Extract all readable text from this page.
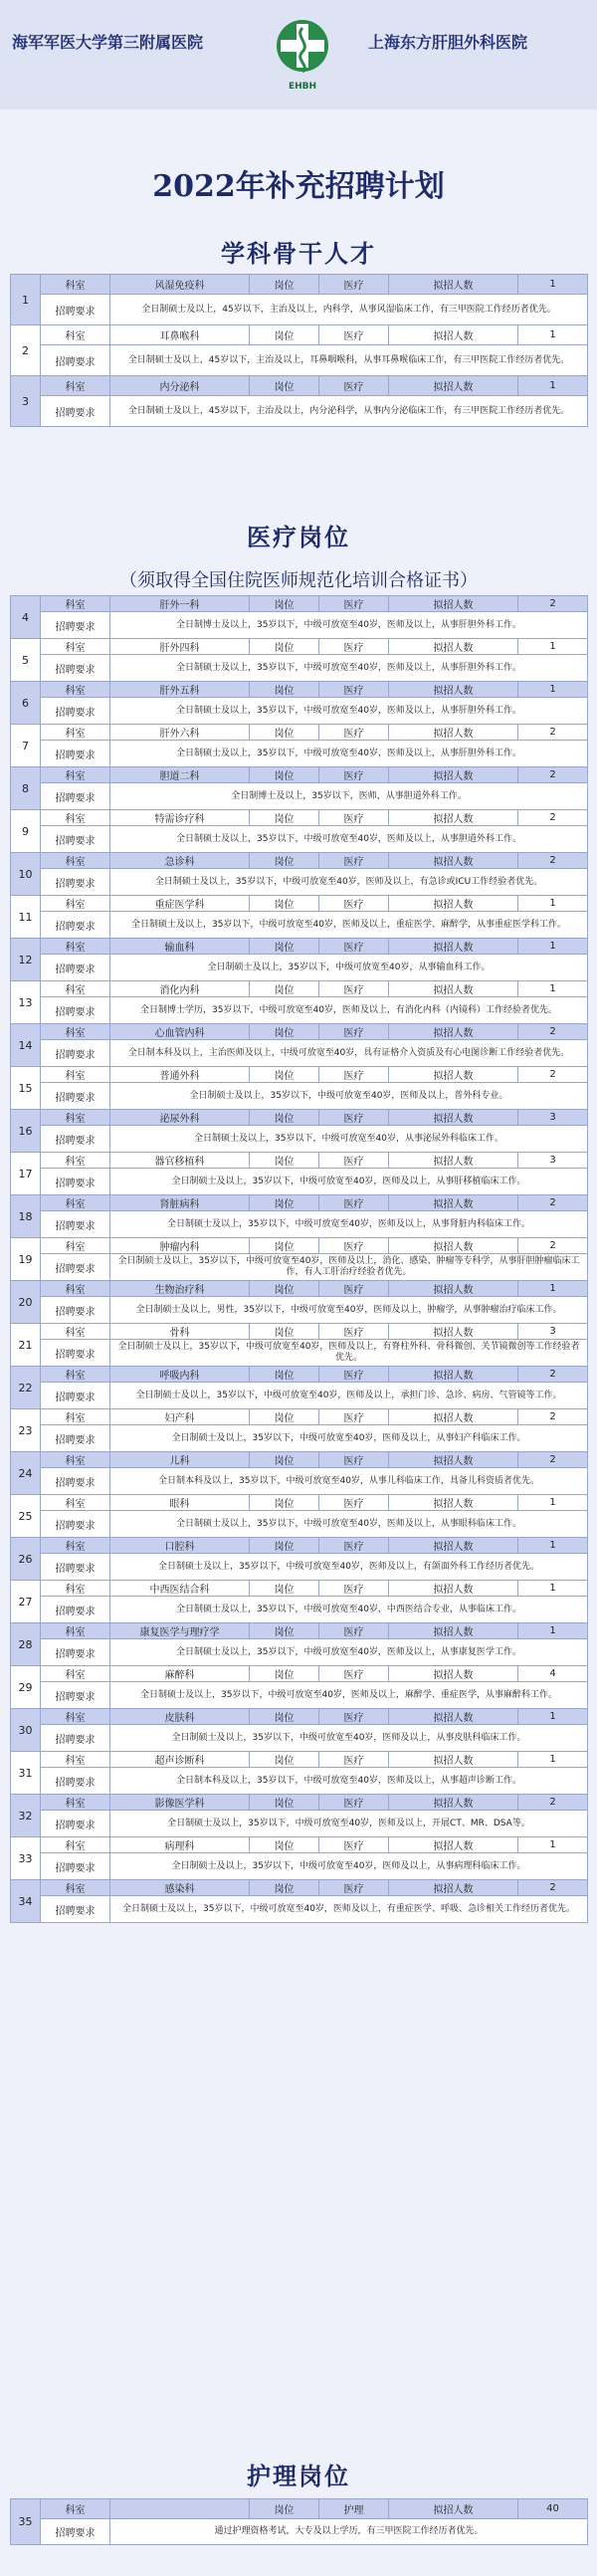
海军军医大学第三附属医院
EHBH
上海东方肝胆外科医院
2022年补充招聘计划
学科骨干人才
1	科室	风湿免疫科	岗位	医疗	拟招人数	1
	招聘要求	全日制硕士及以上，45岁以下，主治及以上，内科学，从事风湿临床工作，有三甲医院工作经历者优先。				
2	科室	耳鼻喉科	岗位	医疗	拟招人数	1
	招聘要求	全日制硕士及以上，45岁以下，主治及以上，耳鼻咽喉科，从事耳鼻喉临床工作，有三甲医院工作经历者优先。				
3	科室	内分泌科	岗位	医疗	拟招人数	1
	招聘要求	全日制硕士及以上，45岁以下，主治及以上，内分泌科学，从事内分泌临床工作，有三甲医院工作经历者优先。				
医疗岗位
（须取得全国住院医师规范化培训合格证书）
4	科室	肝外一科	岗位	医疗	拟招人数	2
	招聘要求	全日制博士及以上，35岁以下，中级可放宽至40岁，医师及以上，从事肝胆外科工作。				
5	科室	肝外四科	岗位	医疗	拟招人数	1
	招聘要求	全日制硕士及以上，35岁以下，中级可放宽至40岁，医师及以上，从事肝胆外科工作。				
6	科室	肝外五科	岗位	医疗	拟招人数	1
	招聘要求	全日制硕士及以上，35岁以下，中级可放宽至40岁，医师及以上，从事肝胆外科工作。				
7	科室	肝外六科	岗位	医疗	拟招人数	2
	招聘要求	全日制硕士及以上，35岁以下，中级可放宽至40岁，医师及以上，从事肝胆外科工作。				
8	科室	胆道二科	岗位	医疗	拟招人数	2
	招聘要求	全日制博士及以上，35岁以下，医师，从事胆道外科工作。				
9	科室	特需诊疗科	岗位	医疗	拟招人数	2
	招聘要求	全日制硕士及以上，35岁以下，中级可放宽至40岁，医师及以上，从事胆道外科工作。				
10	科室	急诊科	岗位	医疗	拟招人数	2
	招聘要求	全日制硕士及以上，35岁以下，中级可放宽至40岁，医师及以上，有急诊或ICU工作经验者优先。				
11	科室	重症医学科	岗位	医疗	拟招人数	1
	招聘要求	全日制硕士及以上，35岁以下，中级可放宽至40岁，医师及以上，重症医学、麻醉学，从事重症医学科工作。				
12	科室	输血科	岗位	医疗	拟招人数	1
	招聘要求	全日制硕士及以上，35岁以下，中级可放宽至40岁，从事输血科工作。				
13	科室	消化内科	岗位	医疗	拟招人数	1
	招聘要求	全日制博士学历，35岁以下，中级可放宽至40岁，医师及以上，有消化内科（内镜科）工作经验者优先。				
14	科室	心血管内科	岗位	医疗	拟招人数	2
	招聘要求	全日制本科及以上，主治医师及以上，中级可放宽至40岁，具有证格介入资质及有心电图诊断工作经验者优先。				
15	科室	普通外科	岗位	医疗	拟招人数	2
	招聘要求	全日制硕士及以上，35岁以下，中级可放宽至40岁，医师及以上，普外科专业。				
16	科室	泌尿外科	岗位	医疗	拟招人数	3
	招聘要求	全日制硕士及以上，35岁以下，中级可放宽至40岁，从事泌尿外科临床工作。				
17	科室	器官移植科	岗位	医疗	拟招人数	3
	招聘要求	全日制硕士及以上，35岁以下，中级可放宽至40岁，医师及以上，从事肝移植临床工作。				
18	科室	肾脏病科	岗位	医疗	拟招人数	2
	招聘要求	全日制硕士及以上，35岁以下，中级可放宽至40岁，医师及以上，从事肾脏内科临床工作。				
19	科室	肿瘤内科	岗位	医疗	拟招人数	2
	招聘要求	全日制硕士及以上，35岁以下，中级可放宽至40岁，医师及以上，消化、感染、肿瘤等专科学，从事肝胆肿瘤临床工作，有人工肝治疗经验者优先。				
20	科室	生物治疗科	岗位	医疗	拟招人数	1
	招聘要求	全日制硕士及以上，男性，35岁以下，中级可放宽至40岁，医师及以上，肿瘤学，从事肿瘤治疗临床工作。				
21	科室	骨科	岗位	医疗	拟招人数	3
	招聘要求	全日制硕士及以上，35岁以下，中级可放宽至40岁，医师及以上，有脊柱外科、骨科微创、关节镜微创等工作经验者优先。				
22	科室	呼吸内科	岗位	医疗	拟招人数	2
	招聘要求	全日制硕士及以上，35岁以下，中级可放宽至40岁，医师及以上，承担门诊、急诊、病房、气管镜等工作。				
23	科室	妇产科	岗位	医疗	拟招人数	2
	招聘要求	全日制硕士及以上，35岁以下，中级可放宽至40岁，医师及以上，从事妇产科临床工作。				
24	科室	儿科	岗位	医疗	拟招人数	2
	招聘要求	全日制本科及以上，35岁以下，中级可放宽至40岁，从事儿科临床工作，具备儿科资质者优先。				
25	科室	眼科	岗位	医疗	拟招人数	1
	招聘要求	全日制硕士及以上，35岁以下，中级可放宽至40岁，医师及以上，从事眼科临床工作。				
26	科室	口腔科	岗位	医疗	拟招人数	1
	招聘要求	全日制硕士及以上，35岁以下，中级可放宽至40岁，医师及以上，有颌面外科工作经历者优先。				
27	科室	中西医结合科	岗位	医疗	拟招人数	1
	招聘要求	全日制硕士及以上，35岁以下，中级可放宽至40岁，中西医结合专业，从事临床工作。				
28	科室	康复医学与理疗学	岗位	医疗	拟招人数	1
	招聘要求	全日制硕士及以上，35岁以下，中级可放宽至40岁，医师及以上，从事康复医学工作。				
29	科室	麻醉科	岗位	医疗	拟招人数	4
	招聘要求	全日制硕士及以上，35岁以下，中级可放宽至40岁，医师及以上，麻醉学、重症医学，从事麻醉科工作。				
30	科室	皮肤科	岗位	医疗	拟招人数	1
	招聘要求	全日制硕士及以上，35岁以下，中级可放宽至40岁，医师及以上，从事皮肤科临床工作。				
31	科室	超声诊断科	岗位	医疗	拟招人数	1
	招聘要求	全日制本科及以上，35岁以下，中级可放宽至40岁，医师及以上，从事超声诊断工作。				
32	科室	影像医学科	岗位	医疗	拟招人数	2
	招聘要求	全日制硕士及以上，35岁以下，中级可放宽至40岁，医师及以上，开展CT、MR、DSA等。				
33	科室	病理科	岗位	医疗	拟招人数	1
	招聘要求	全日制硕士及以上，35岁以下，中级可放宽至40岁，医师及以上，从事病理科临床工作。				
34	科室	感染科	岗位	医疗	拟招人数	2
	招聘要求	全日制硕士及以上，35岁以下，中级可放宽至40岁，医师及以上，有重症医学、呼吸、急诊相关工作经历者优先。				
护理岗位
35	科室		岗位	护理	拟招人数	40
	招聘要求	通过护理资格考试，大专及以上学历，有三甲医院工作经历者优先。				
